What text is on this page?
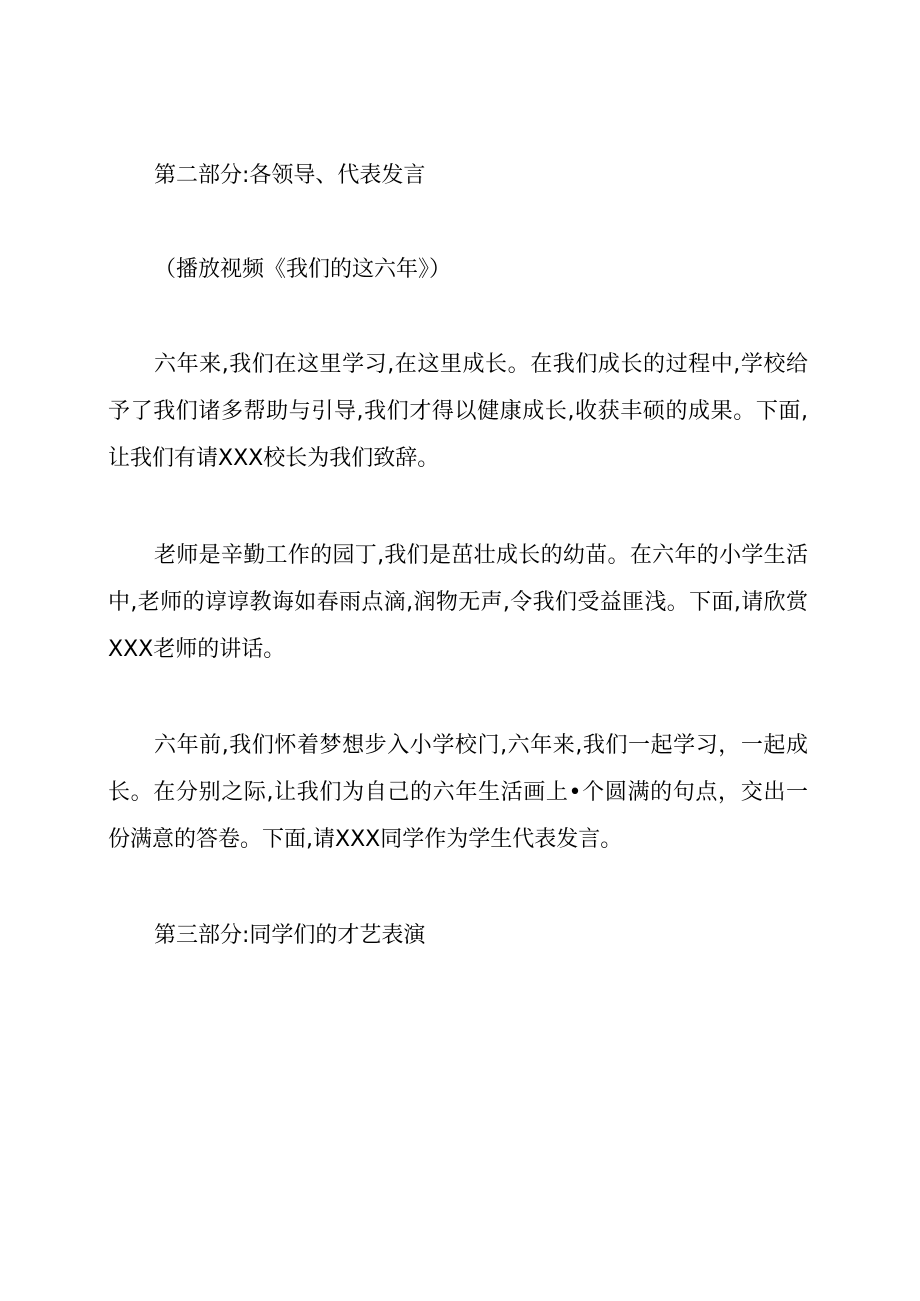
第二部分:各领导、代表发言
（播放视频《我们的这六年》）

六年来,我们在这里学习,在这里成长。在我们成长的过程中,学校给予了我们诸多帮助与引导,我们才得以健康成长,收获丰硕的成果。下面,让我们有请XXX校长为我们致辞。

老师是辛勤工作的园丁,我们是茁壮成长的幼苗。在六年的小学生活中,老师的谆谆教诲如春雨点滴,润物无声,令我们受益匪浅。下面,请欣赏XXX老师的讲话。

六年前,我们怀着梦想步入小学校门,六年来,我们一起学习，一起成长。在分别之际,让我们为自己的六年生活画上•个圆满的句点，交出一份满意的答卷。下面,请XXX同学作为学生代表发言。

第三部分:同学们的才艺表演
